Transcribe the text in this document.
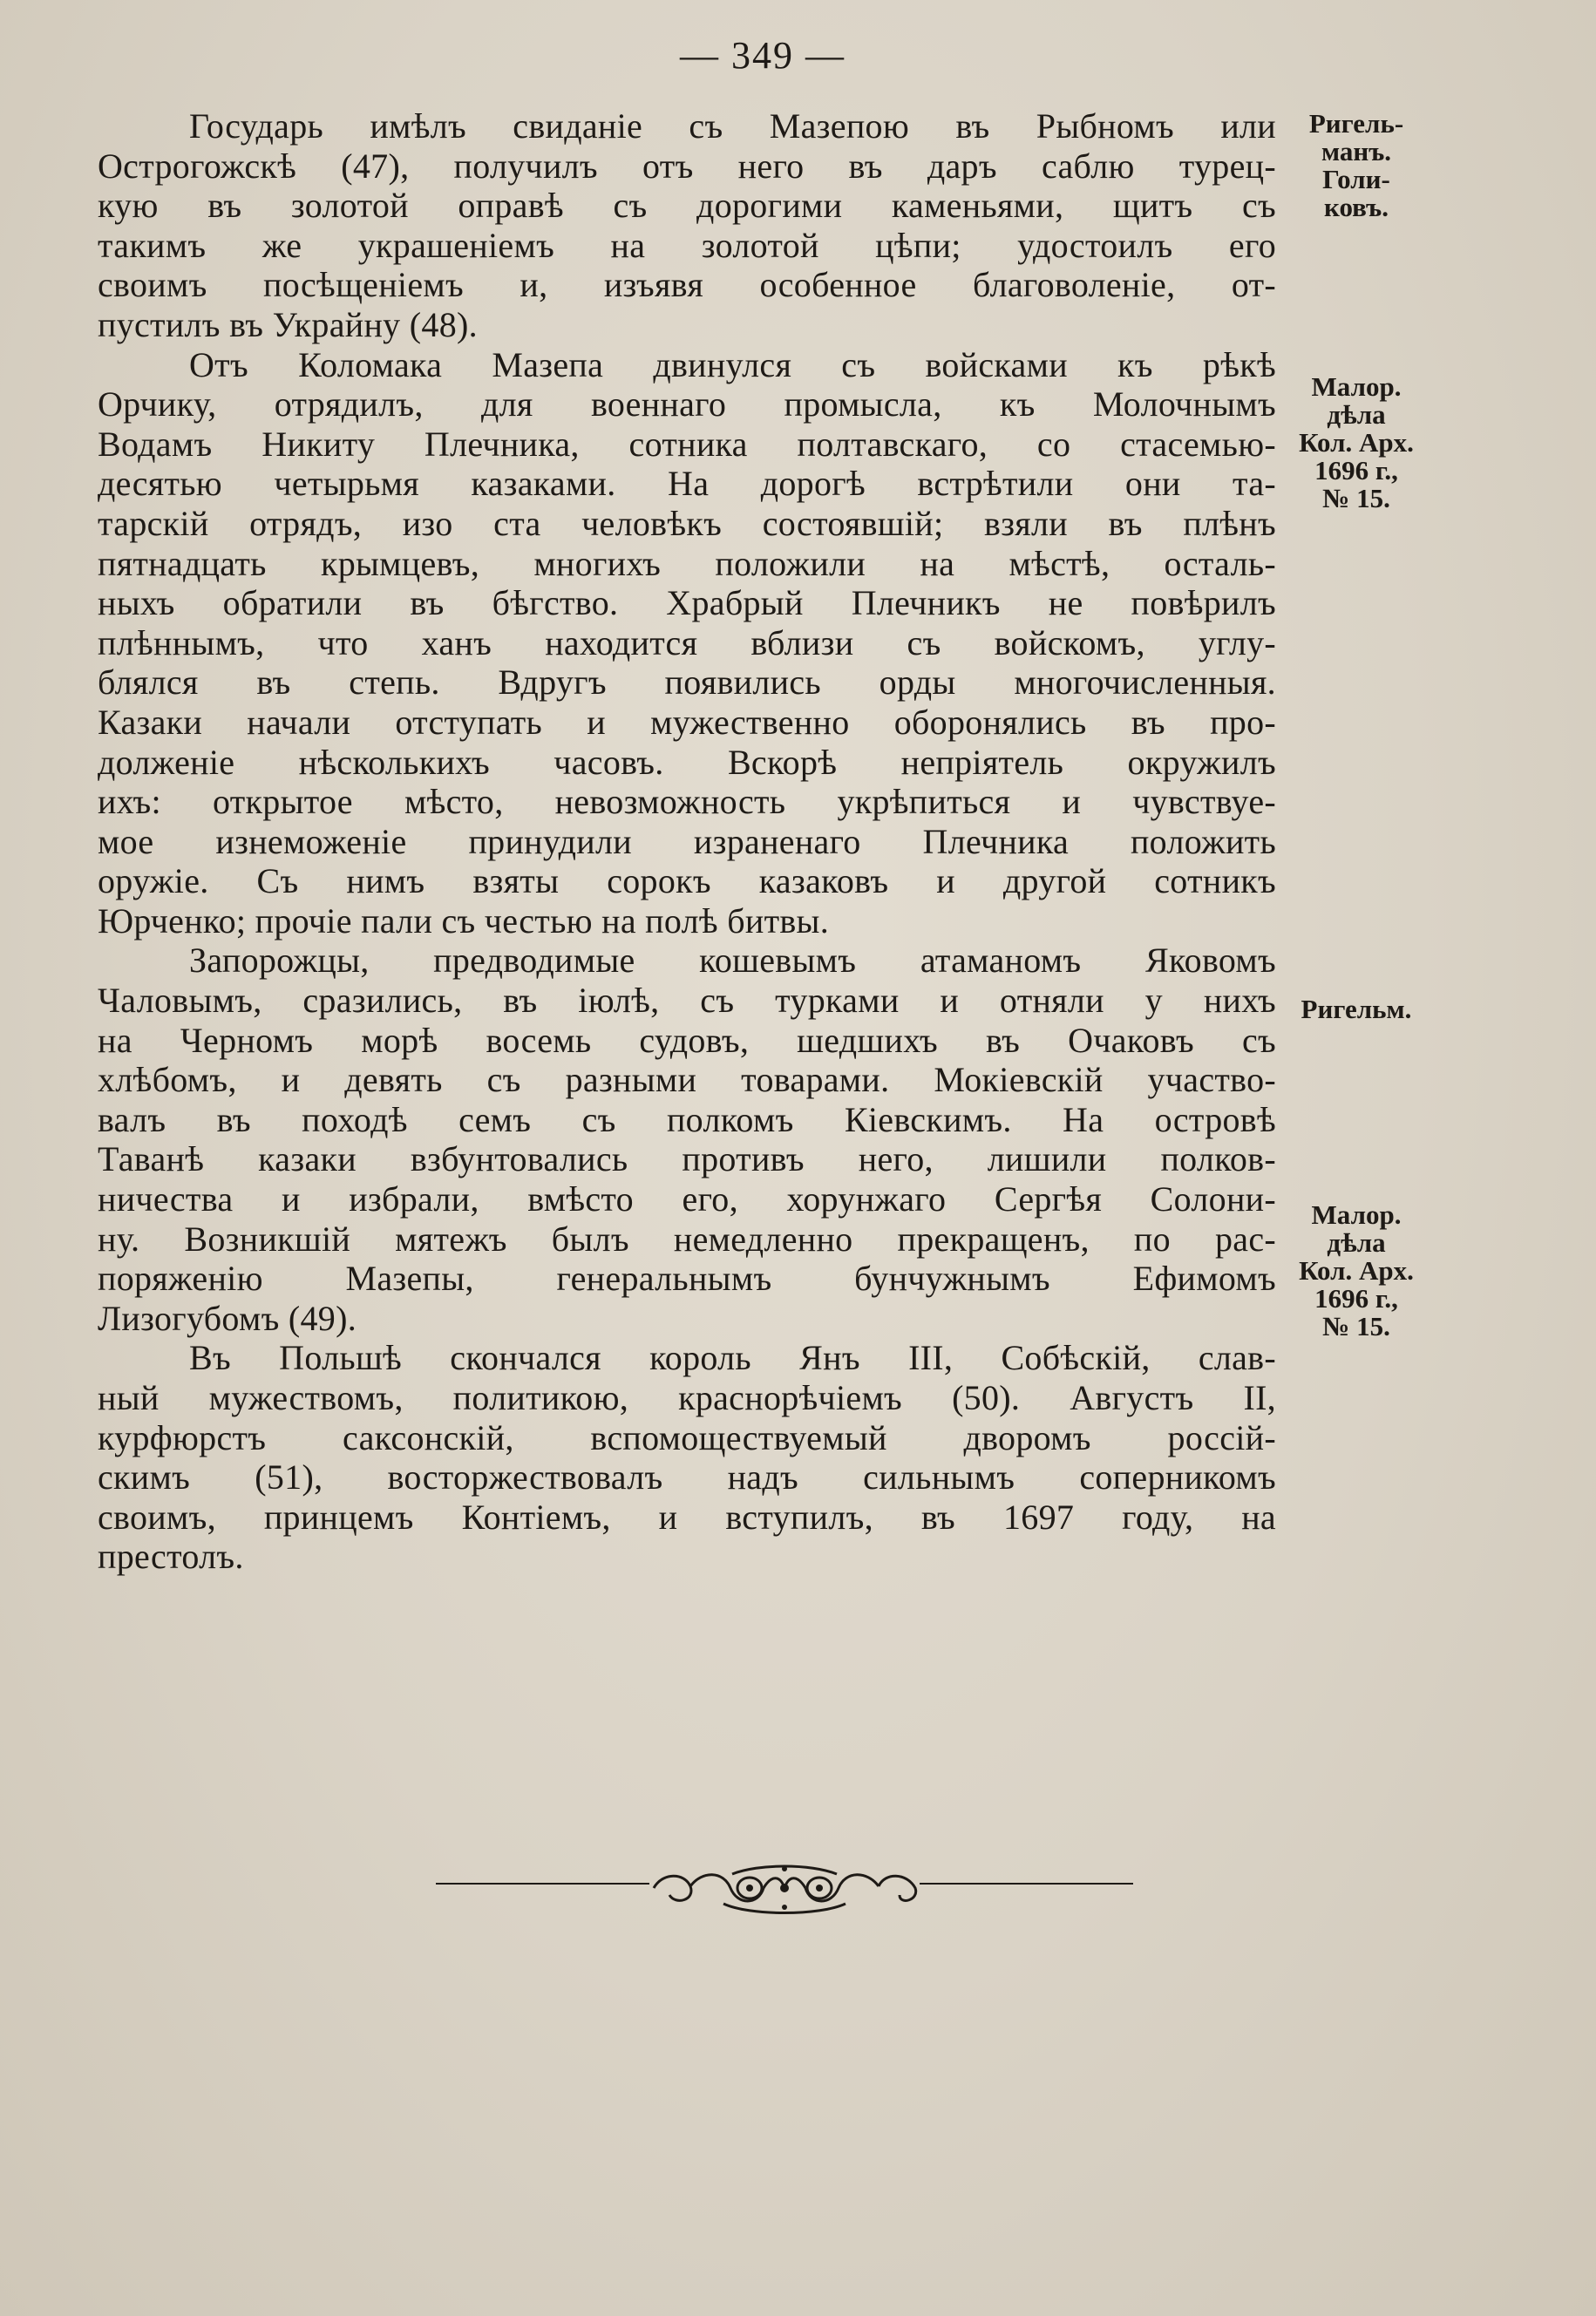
— 349 —
Государь имѣлъ свиданіе съ Мазепою въ Рыбномъ или
Острогожскѣ (47), получилъ отъ него въ даръ саблю турец-
кую въ золотой оправѣ съ дорогими каменьями, щитъ съ
такимъ же украшеніемъ на золотой цѣпи; удостоилъ его
своимъ посѣщеніемъ и, изъявя особенное благоволеніе, от-
пустилъ въ Украйну (48).
Отъ Коломака Мазепа двинулся съ войсками къ рѣкѣ
Орчику, отрядилъ, для военнаго промысла, къ Молочнымъ
Водамъ Никиту Плечника, сотника полтавскаго, со стасемью-
десятью четырьмя казаками. На дорогѣ встрѣтили они та-
тарскій отрядъ, изо ста человѣкъ состоявшій; взяли въ плѣнъ
пятнадцать крымцевъ, многихъ положили на мѣстѣ, осталь-
ныхъ обратили въ бѣгство. Храбрый Плечникъ не повѣрилъ
плѣннымъ, что ханъ находится вблизи съ войскомъ, углу-
блялся въ степь. Вдругъ появились орды многочисленныя.
Казаки начали отступать и мужественно оборонялись въ про-
долженіе нѣсколькихъ часовъ. Вскорѣ непріятель окружилъ
ихъ: открытое мѣсто, невозможность укрѣпиться и чувствуе-
мое изнеможеніе принудили израненаго Плечника положить
оружіе. Съ нимъ взяты сорокъ казаковъ и другой сотникъ
Юрченко; прочіе пали съ честью на полѣ битвы.
Запорожцы, предводимые кошевымъ атаманомъ Яковомъ
Чаловымъ, сразились, въ іюлѣ, съ турками и отняли у нихъ
на Черномъ морѣ восемь судовъ, шедшихъ въ Очаковъ съ
хлѣбомъ, и девять съ разными товарами. Мокіевскій участво-
валъ въ походѣ семъ съ полкомъ Кіевскимъ. На островѣ
Таванѣ казаки взбунтовались противъ него, лишили полков-
ничества и избрали, вмѣсто его, хорунжаго Сергѣя Солони-
ну. Возникшій мятежъ былъ немедленно прекращенъ, по рас-
поряженію Мазепы, генеральнымъ бунчужнымъ Ефимомъ
Лизогубомъ (49).
Въ Польшѣ скончался король Янъ III, Собѣскій, слав-
ный мужествомъ, политикою, краснорѣчіемъ (50). Августъ II,
курфюрстъ саксонскій, вспомоществуемый дворомъ россій-
скимъ (51), восторжествовалъ надъ сильнымъ соперникомъ
своимъ, принцемъ Контіемъ, и вступилъ, въ 1697 году, на
престолъ.
Ригель-
манъ.
Голи-
ковъ.
Малор.
дѣла
Кол. Арх.
1696 г.,
№ 15.
Ригельм.
Малор.
дѣла
Кол. Арх.
1696 г.,
№ 15.
